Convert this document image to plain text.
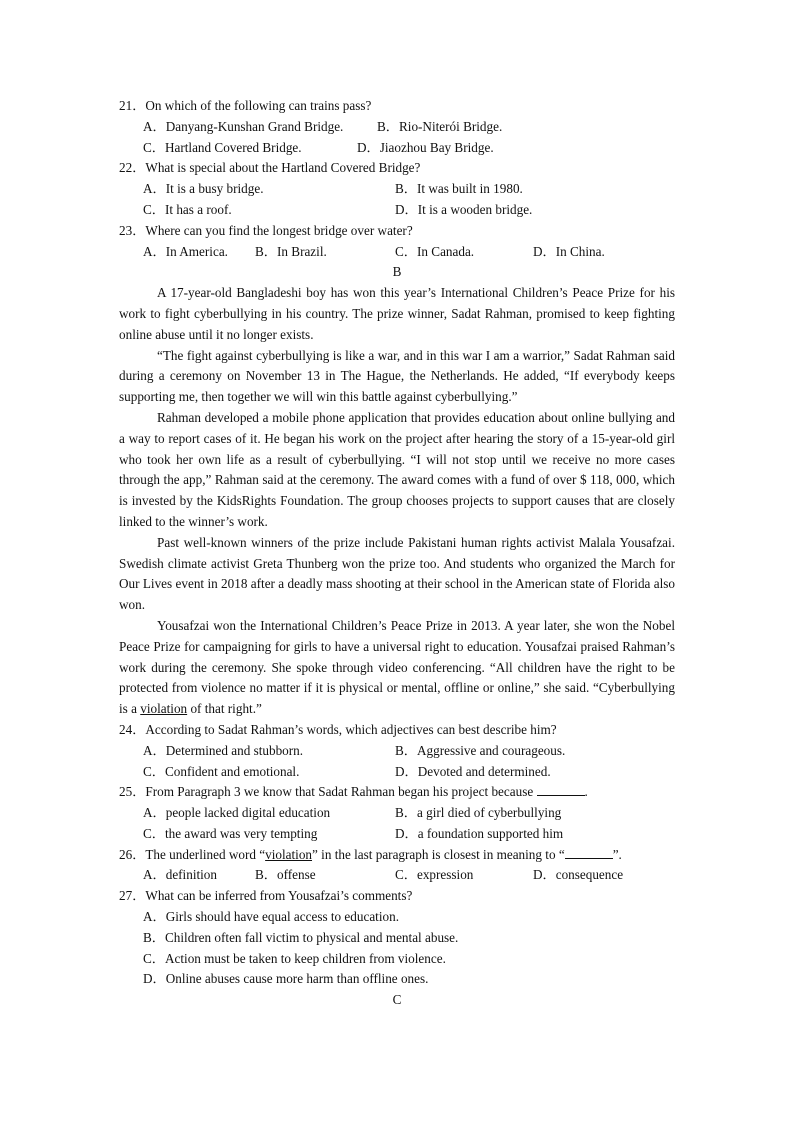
21．On which of the following can trains pass?
A．Danyang-Kunshan Grand Bridge.	B．Rio-Niterói Bridge.
C．Hartland Covered Bridge.	D．Jiaozhou Bay Bridge.
22．What is special about the Hartland Covered Bridge?
A．It is a busy bridge.	B．It was built in 1980.
C．It has a roof.	D．It is a wooden bridge.
23．Where can you find the longest bridge over water?
A．In America. B．In Brazil.	C．In Canada.	D．In China.
B

A 17-year-old Bangladeshi boy has won this year’s International Children’s Peace Prize for his work to fight cyberbullying in his country. The prize winner, Sadat Rahman, promised to keep fighting online abuse until it no longer exists.

“The fight against cyberbullying is like a war, and in this war I am a warrior,” Sadat Rahman said during a ceremony on November 13 in The Hague, the Netherlands. He added, “If everybody keeps supporting me, then together we will win this battle against cyberbullying.”

Rahman developed a mobile phone application that provides education about online bullying and a way to report cases of it. He began his work on the project after hearing the story of a 15-year-old girl who took her own life as a result of cyberbullying. “I will not stop until we receive no more cases through the app,” Rahman said at the ceremony. The award comes with a fund of over $ 118, 000, which is invested by the KidsRights Foundation. The group chooses projects to support causes that are closely linked to the winner’s work.

Past well-known winners of the prize include Pakistani human rights activist Malala Yousafzai. Swedish climate activist Greta Thunberg won the prize too. And students who organized the March for Our Lives event in 2018 after a deadly mass shooting at their school in the American state of Florida also won.

Yousafzai won the International Children’s Peace Prize in 2013. A year later, she won the Nobel Peace Prize for campaigning for girls to have a universal right to education. Yousafzai praised Rahman’s work during the ceremony. She spoke through video conferencing. “All children have the right to be protected from violence no matter if it is physical or mental, offline or online,” she said. “Cyberbullying is a violation of that right.”

24．According to Sadat Rahman’s words, which adjectives can best describe him?
A．Determined and stubborn.	B．Aggressive and courageous.
C．Confident and emotional.	D．Devoted and determined.
25．From Paragraph 3 we know that Sadat Rahman began his project because	.
A．people lacked digital education	B．a girl died of cyberbullying
C．the award was very tempting	D．a foundation supported him
26．The underlined word “violation” in the last paragraph is closest in meaning to “	”.
A．definition	B．offense	C．expression	D．consequence
27．What can be inferred from Yousafzai’s comments?
A．Girls should have equal access to education.
B．Children often fall victim to physical and mental abuse.
C．Action must be taken to keep children from violence.
D．Online abuses cause more harm than offline ones.
C
